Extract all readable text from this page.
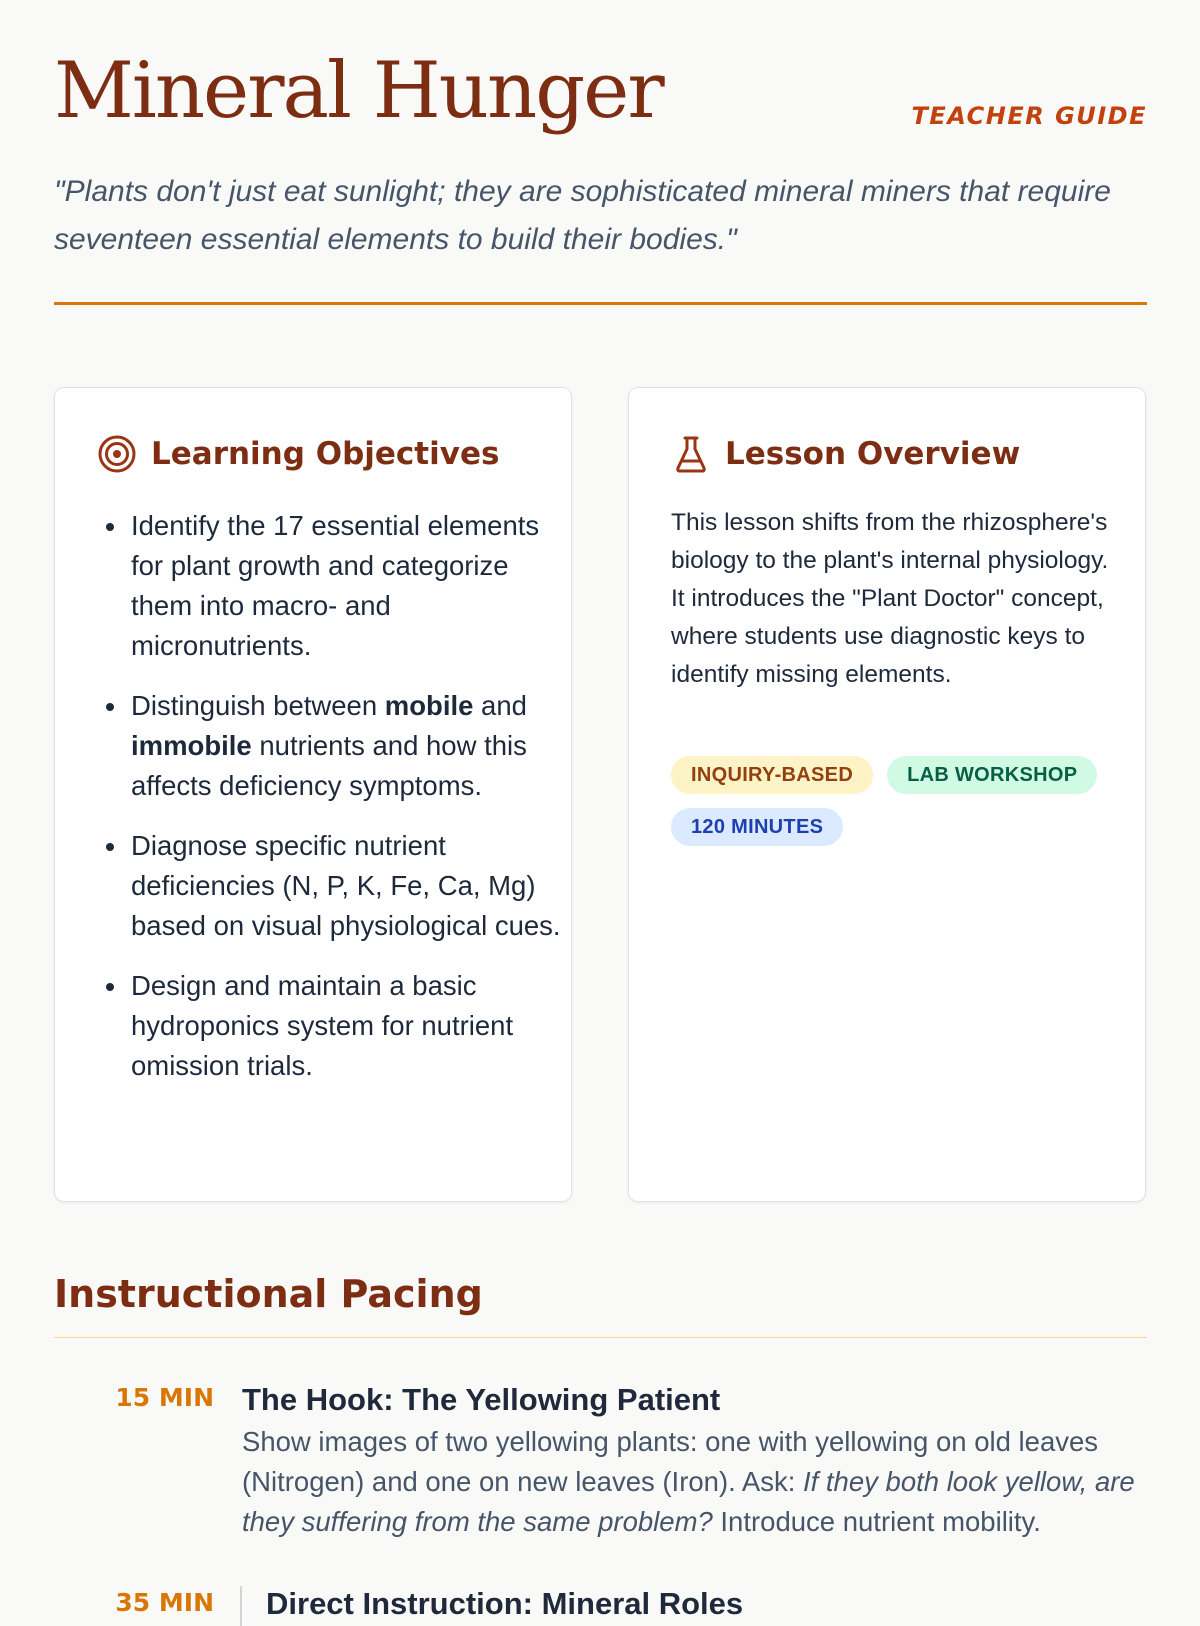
Mineral Hunger	TEACHER GUIDE

"Plants don't just eat sunlight; they are sophisticated mineral miners that require seventeen essential elements to build their bodies."

Learning Objectives
• Identify the 17 essential elements for plant growth and categorize them into macro- and micronutrients.
• Distinguish between mobile and immobile nutrients and how this affects deficiency symptoms.
• Diagnose specific nutrient deficiencies (N, P, K, Fe, Ca, Mg) based on visual physiological cues.
• Design and maintain a basic hydroponics system for nutrient omission trials.
Lesson Overview

This lesson shifts from the rhizosphere's biology to the plant's internal physiology. It introduces the "Plant Doctor" concept, where students use diagnostic keys to identify missing elements.

INQUIRY-BASED	LAB WORKSHOP
120 MINUTES
Instructional Pacing
15 MIN The Hook: The Yellowing Patient

Show images of two yellowing plants: one with yellowing on old leaves (Nitrogen) and one on new leaves (Iron). Ask: If they both look yellow, are they suffering from the same problem? Introduce nutrient mobility.

35 MIN Direct Instruction: Mineral Roles
